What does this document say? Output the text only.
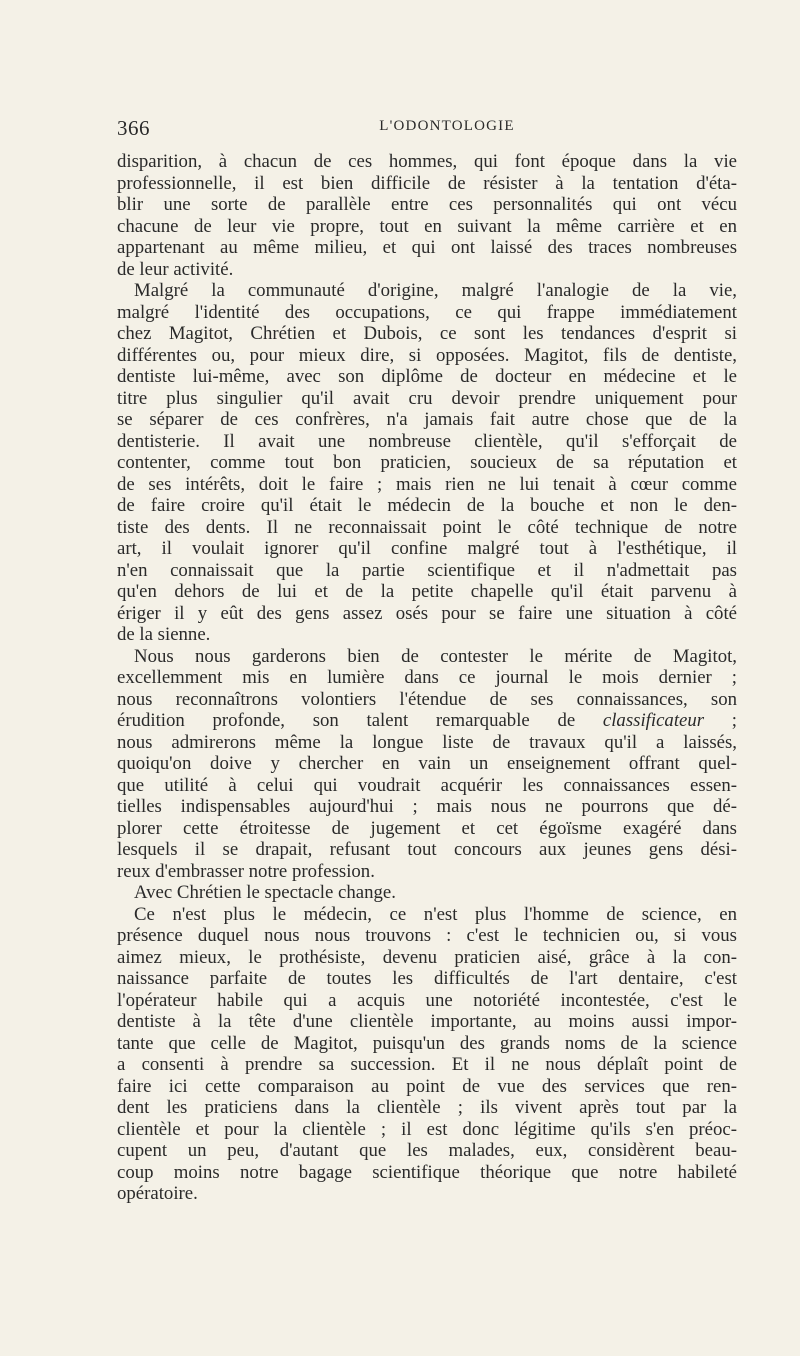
366	L'ODONTOLOGIE
disparition, à chacun de ces hommes, qui font époque dans la vie
professionnelle, il est bien difficile de résister à la tentation d'éta-
blir une sorte de parallèle entre ces personnalités qui ont vécu
chacune de leur vie propre, tout en suivant la même carrière et en
appartenant au même milieu, et qui ont laissé des traces nombreuses
de leur activité.
Malgré la communauté d'origine, malgré l'analogie de la vie,
malgré l'identité des occupations, ce qui frappe immédiatement
chez Magitot, Chrétien et Dubois, ce sont les tendances d'esprit si
différentes ou, pour mieux dire, si opposées. Magitot, fils de dentiste,
dentiste lui-même, avec son diplôme de docteur en médecine et le
titre plus singulier qu'il avait cru devoir prendre uniquement pour
se séparer de ces confrères, n'a jamais fait autre chose que de la
dentisterie. Il avait une nombreuse clientèle, qu'il s'efforçait de
contenter, comme tout bon praticien, soucieux de sa réputation et
de ses intérêts, doit le faire ; mais rien ne lui tenait à cœur comme
de faire croire qu'il était le médecin de la bouche et non le den-
tiste des dents. Il ne reconnaissait point le côté technique de notre
art, il voulait ignorer qu'il confine malgré tout à l'esthétique, il
n'en connaissait que la partie scientifique et il n'admettait pas
qu'en dehors de lui et de la petite chapelle qu'il était parvenu à
ériger il y eût des gens assez osés pour se faire une situation à côté
de la sienne.
Nous nous garderons bien de contester le mérite de Magitot,
excellemment mis en lumière dans ce journal le mois dernier ;
nous reconnaîtrons volontiers l'étendue de ses connaissances, son
érudition profonde, son talent remarquable de classificateur ;
nous admirerons même la longue liste de travaux qu'il a laissés,
quoiqu'on doive y chercher en vain un enseignement offrant quel-
que utilité à celui qui voudrait acquérir les connaissances essen-
tielles indispensables aujourd'hui ; mais nous ne pourrons que dé-
plorer cette étroitesse de jugement et cet égoïsme exagéré dans
lesquels il se drapait, refusant tout concours aux jeunes gens dési-
reux d'embrasser notre profession.
Avec Chrétien le spectacle change.
Ce n'est plus le médecin, ce n'est plus l'homme de science, en
présence duquel nous nous trouvons : c'est le technicien ou, si vous
aimez mieux, le prothésiste, devenu praticien aisé, grâce à la con-
naissance parfaite de toutes les difficultés de l'art dentaire, c'est
l'opérateur habile qui a acquis une notoriété incontestée, c'est le
dentiste à la tête d'une clientèle importante, au moins aussi impor-
tante que celle de Magitot, puisqu'un des grands noms de la science
a consenti à prendre sa succession. Et il ne nous déplaît point de
faire ici cette comparaison au point de vue des services que ren-
dent les praticiens dans la clientèle ; ils vivent après tout par la
clientèle et pour la clientèle ; il est donc légitime qu'ils s'en préoc-
cupent un peu, d'autant que les malades, eux, considèrent beau-
coup moins notre bagage scientifique théorique que notre habileté
opératoire.
